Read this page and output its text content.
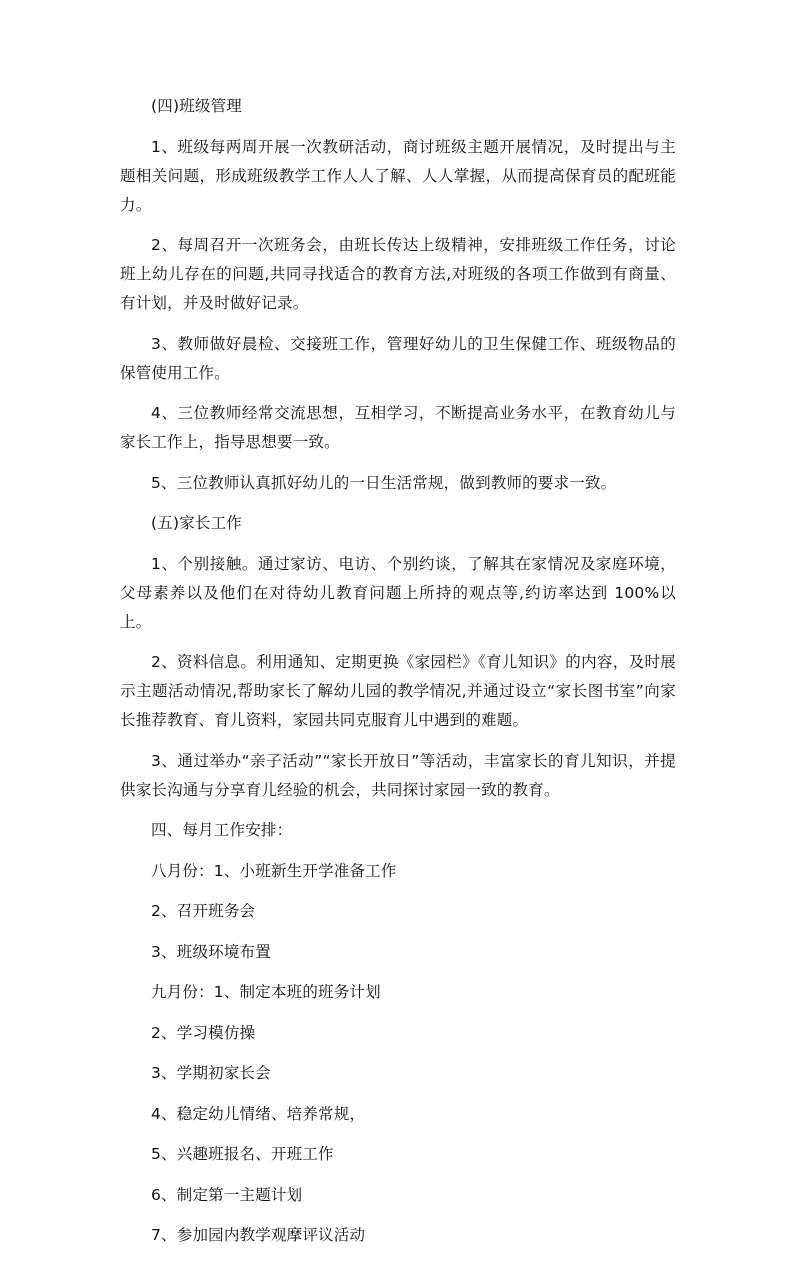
(四)班级管理

1、班级每两周开展一次教研活动，商讨班级主题开展情况，及时提出与主题相关问题，形成班级教学工作人人了解、人人掌握，从而提高保育员的配班能力。

2、每周召开一次班务会，由班长传达上级精神，安排班级工作任务，讨论班上幼儿存在的问题,共同寻找适合的教育方法,对班级的各项工作做到有商量、有计划，并及时做好记录。

3、教师做好晨检、交接班工作，管理好幼儿的卫生保健工作、班级物品的保管使用工作。

4、三位教师经常交流思想，互相学习，不断提高业务水平，在教育幼儿与家长工作上，指导思想要一致。

5、三位教师认真抓好幼儿的一日生活常规，做到教师的要求一致。

(五)家长工作

1、个别接触。通过家访、电访、个别约谈，了解其在家情况及家庭环境，父母素养以及他们在对待幼儿教育问题上所持的观点等,约访率达到 100%以上。

2、资料信息。利用通知、定期更换《家园栏》《育儿知识》的内容，及时展示主题活动情况,帮助家长了解幼儿园的教学情况,并通过设立“家长图书室”向家长推荐教育、育儿资料，家园共同克服育儿中遇到的难题。

3、通过举办“亲子活动”“家长开放日”等活动，丰富家长的育儿知识，并提供家长沟通与分享育儿经验的机会，共同探讨家园一致的教育。

四、每月工作安排：

八月份：1、小班新生开学准备工作

2、召开班务会

3、班级环境布置

九月份：1、制定本班的班务计划

2、学习模仿操

3、学期初家长会

4、稳定幼儿情绪、培养常规，

5、兴趣班报名、开班工作

6、制定第一主题计划

7、参加园内教学观摩评议活动
